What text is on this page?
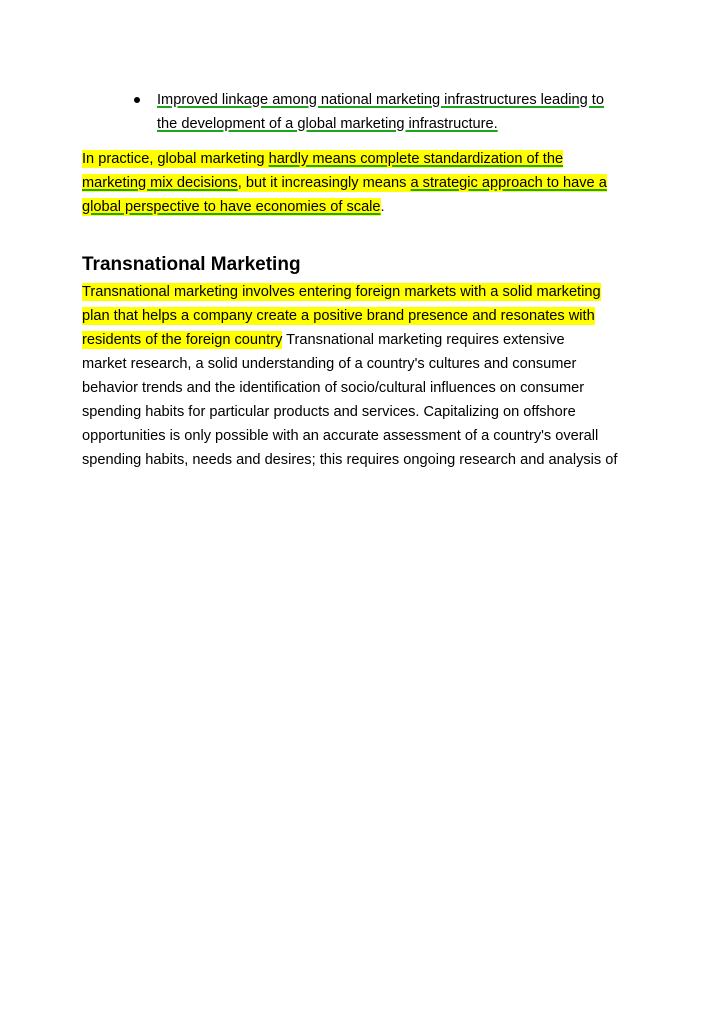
Improved linkage among national marketing infrastructures leading to
the development of a global marketing infrastructure.
In practice, global marketing hardly means complete standardization of the
marketing mix decisions, but it increasingly means a strategic approach to have a
global perspective to have economies of scale.
Transnational Marketing
Transnational marketing involves entering foreign markets with a solid marketing
plan that helps a company create a positive brand presence and resonates with
residents of the foreign country Transnational marketing requires extensive
market research, a solid understanding of a country's cultures and consumer
behavior trends and the identification of socio/cultural influences on consumer
spending habits for particular products and services. Capitalizing on offshore
opportunities is only possible with an accurate assessment of a country's overall
spending habits, needs and desires; this requires ongoing research and analysis of
